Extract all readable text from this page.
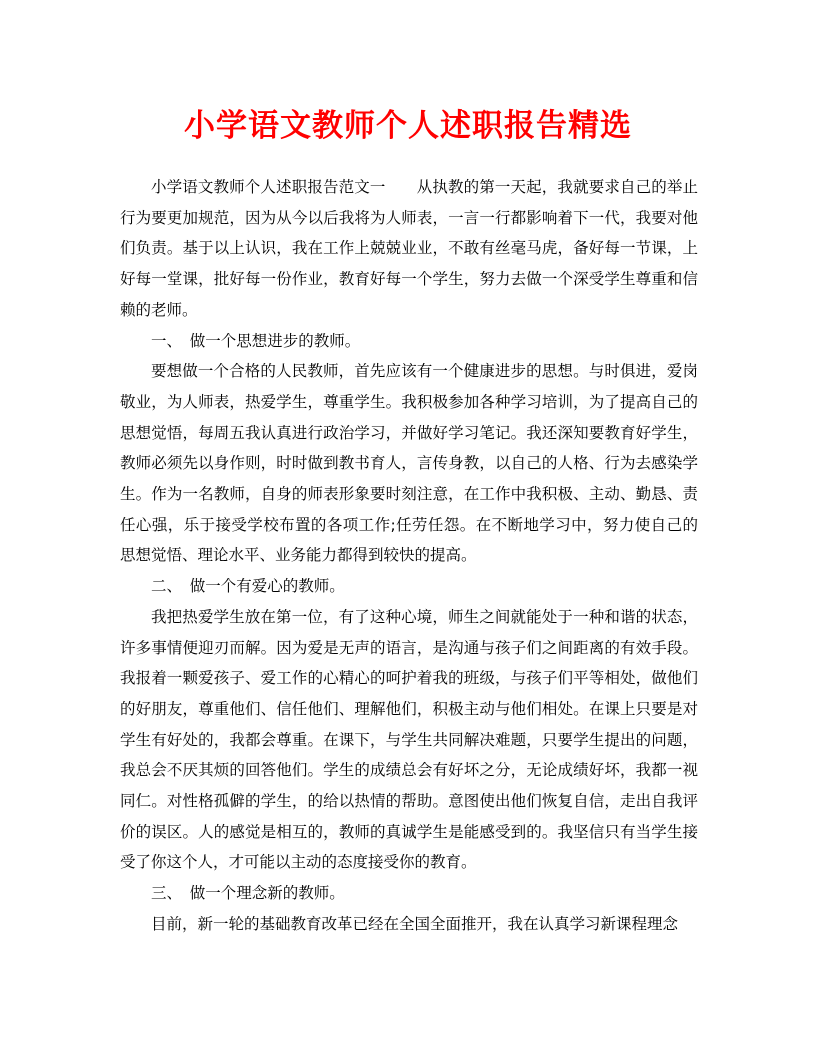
小学语文教师个人述职报告精选

小学语文教师个人述职报告范文一　　从执教的第一天起，我就要求自己的举止行为要更加规范，因为从今以后我将为人师表，一言一行都影响着下一代，我要对他们负责。基于以上认识，我在工作上兢兢业业，不敢有丝毫马虎，备好每一节课，上好每一堂课，批好每一份作业，教育好每一个学生，努力去做一个深受学生尊重和信赖的老师。

一、　做一个思想进步的教师。

要想做一个合格的人民教师，首先应该有一个健康进步的思想。与时俱进，爱岗敬业，为人师表，热爱学生，尊重学生。我积极参加各种学习培训，为了提高自己的思想觉悟，每周五我认真进行政治学习，并做好学习笔记。我还深知要教育好学生，教师必须先以身作则，时时做到教书育人，言传身教，以自己的人格、行为去感染学生。作为一名教师，自身的师表形象要时刻注意，在工作中我积极、主动、勤恳、责任心强，乐于接受学校布置的各项工作;任劳任怨。在不断地学习中，努力使自己的思想觉悟、理论水平、业务能力都得到较快的提高。

二、　做一个有爱心的教师。

我把热爱学生放在第一位，有了这种心境，师生之间就能处于一种和谐的状态，许多事情便迎刃而解。因为爱是无声的语言，是沟通与孩子们之间距离的有效手段。我报着一颗爱孩子、爱工作的心精心的呵护着我的班级，与孩子们平等相处，做他们的好朋友，尊重他们、信任他们、理解他们，积极主动与他们相处。在课上只要是对学生有好处的，我都会尊重。在课下，与学生共同解决难题，只要学生提出的问题，我总会不厌其烦的回答他们。学生的成绩总会有好坏之分，无论成绩好坏，我都一视同仁。对性格孤僻的学生，的给以热情的帮助。意图使出他们恢复自信，走出自我评价的误区。人的感觉是相互的，教师的真诚学生是能感受到的。我坚信只有当学生接受了你这个人，才可能以主动的态度接受你的教育。

三、　做一个理念新的教师。

目前，新一轮的基础教育改革已经在全国全面推开，我在认真学习新课程理念
